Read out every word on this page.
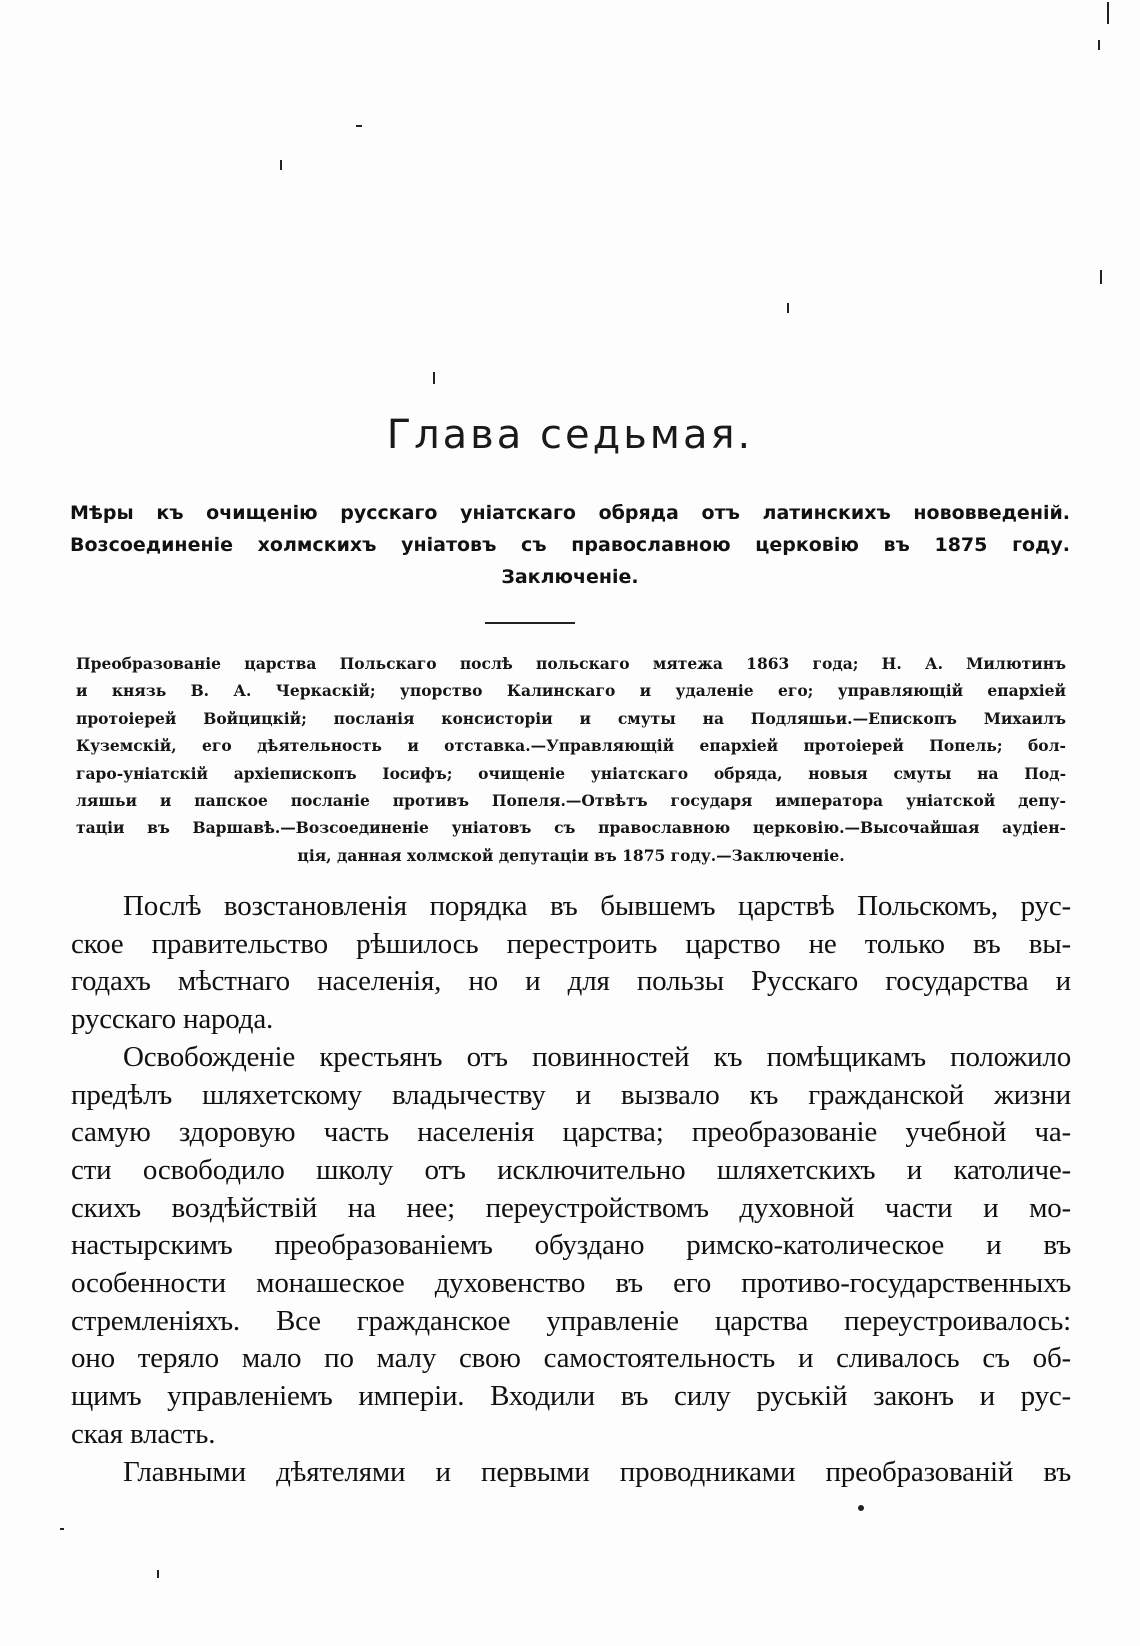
Глава седьмая.
Мѣры къ очищенію русскаго уніатскаго обряда отъ латинскихъ нововведеній.
Возсоединеніе холмскихъ уніатовъ съ православною церковію въ 1875 году.
Заключеніе.
Преобразованіе царства Польскаго послѣ польскаго мятежа 1863 года; Н. А. Милютинъ
и князь В. А. Черкаскій; упорство Калинскаго и удаленіе его; управляющій епархіей
протоіерей Войцицкій; посланія консисторіи и смуты на Подляшьи.—Епископъ Михаилъ
Куземскій, его дѣятельность и отставка.—Управляющій епархіей протоіерей Попель; бол-
гаро-уніатскій архіепископъ Іосифъ; очищеніе уніатскаго обряда, новыя смуты на Под-
ляшьи и папское посланіе противъ Попеля.—Отвѣтъ государя императора уніатской депу-
таціи въ Варшавѣ.—Возсоединеніе уніатовъ съ православною церковію.—Высочайшая аудіен-
ція, данная холмской депутаціи въ 1875 году.—Заключеніе.
Послѣ возстановленія порядка въ бывшемъ царствѣ Польскомъ, рус-
ское правительство рѣшилось перестроить царство не только въ вы-
годахъ мѣстнаго населенія, но и для пользы Русскаго государства и
русскаго народа.
Освобожденіе крестьянъ отъ повинностей къ помѣщикамъ положило
предѣлъ шляхетскому владычеству и вызвало къ гражданской жизни
самую здоровую часть населенія царства; преобразованіе учебной ча-
сти освободило школу отъ исключительно шляхетскихъ и католиче-
скихъ воздѣйствій на нее; переустройствомъ духовной части и мо-
настырскимъ преобразованіемъ обуздано римско-католическое и въ
особенности монашеское духовенство въ его противо-государственныхъ
стремленіяхъ. Все гражданское управленіе царства переустроивалось:
оно теряло мало по малу свою самостоятельность и сливалось съ об-
щимъ управленіемъ имперіи. Входили въ силу руській законъ и рус-
ская власть.
Главными дѣятелями и первыми проводниками преобразованій въ
